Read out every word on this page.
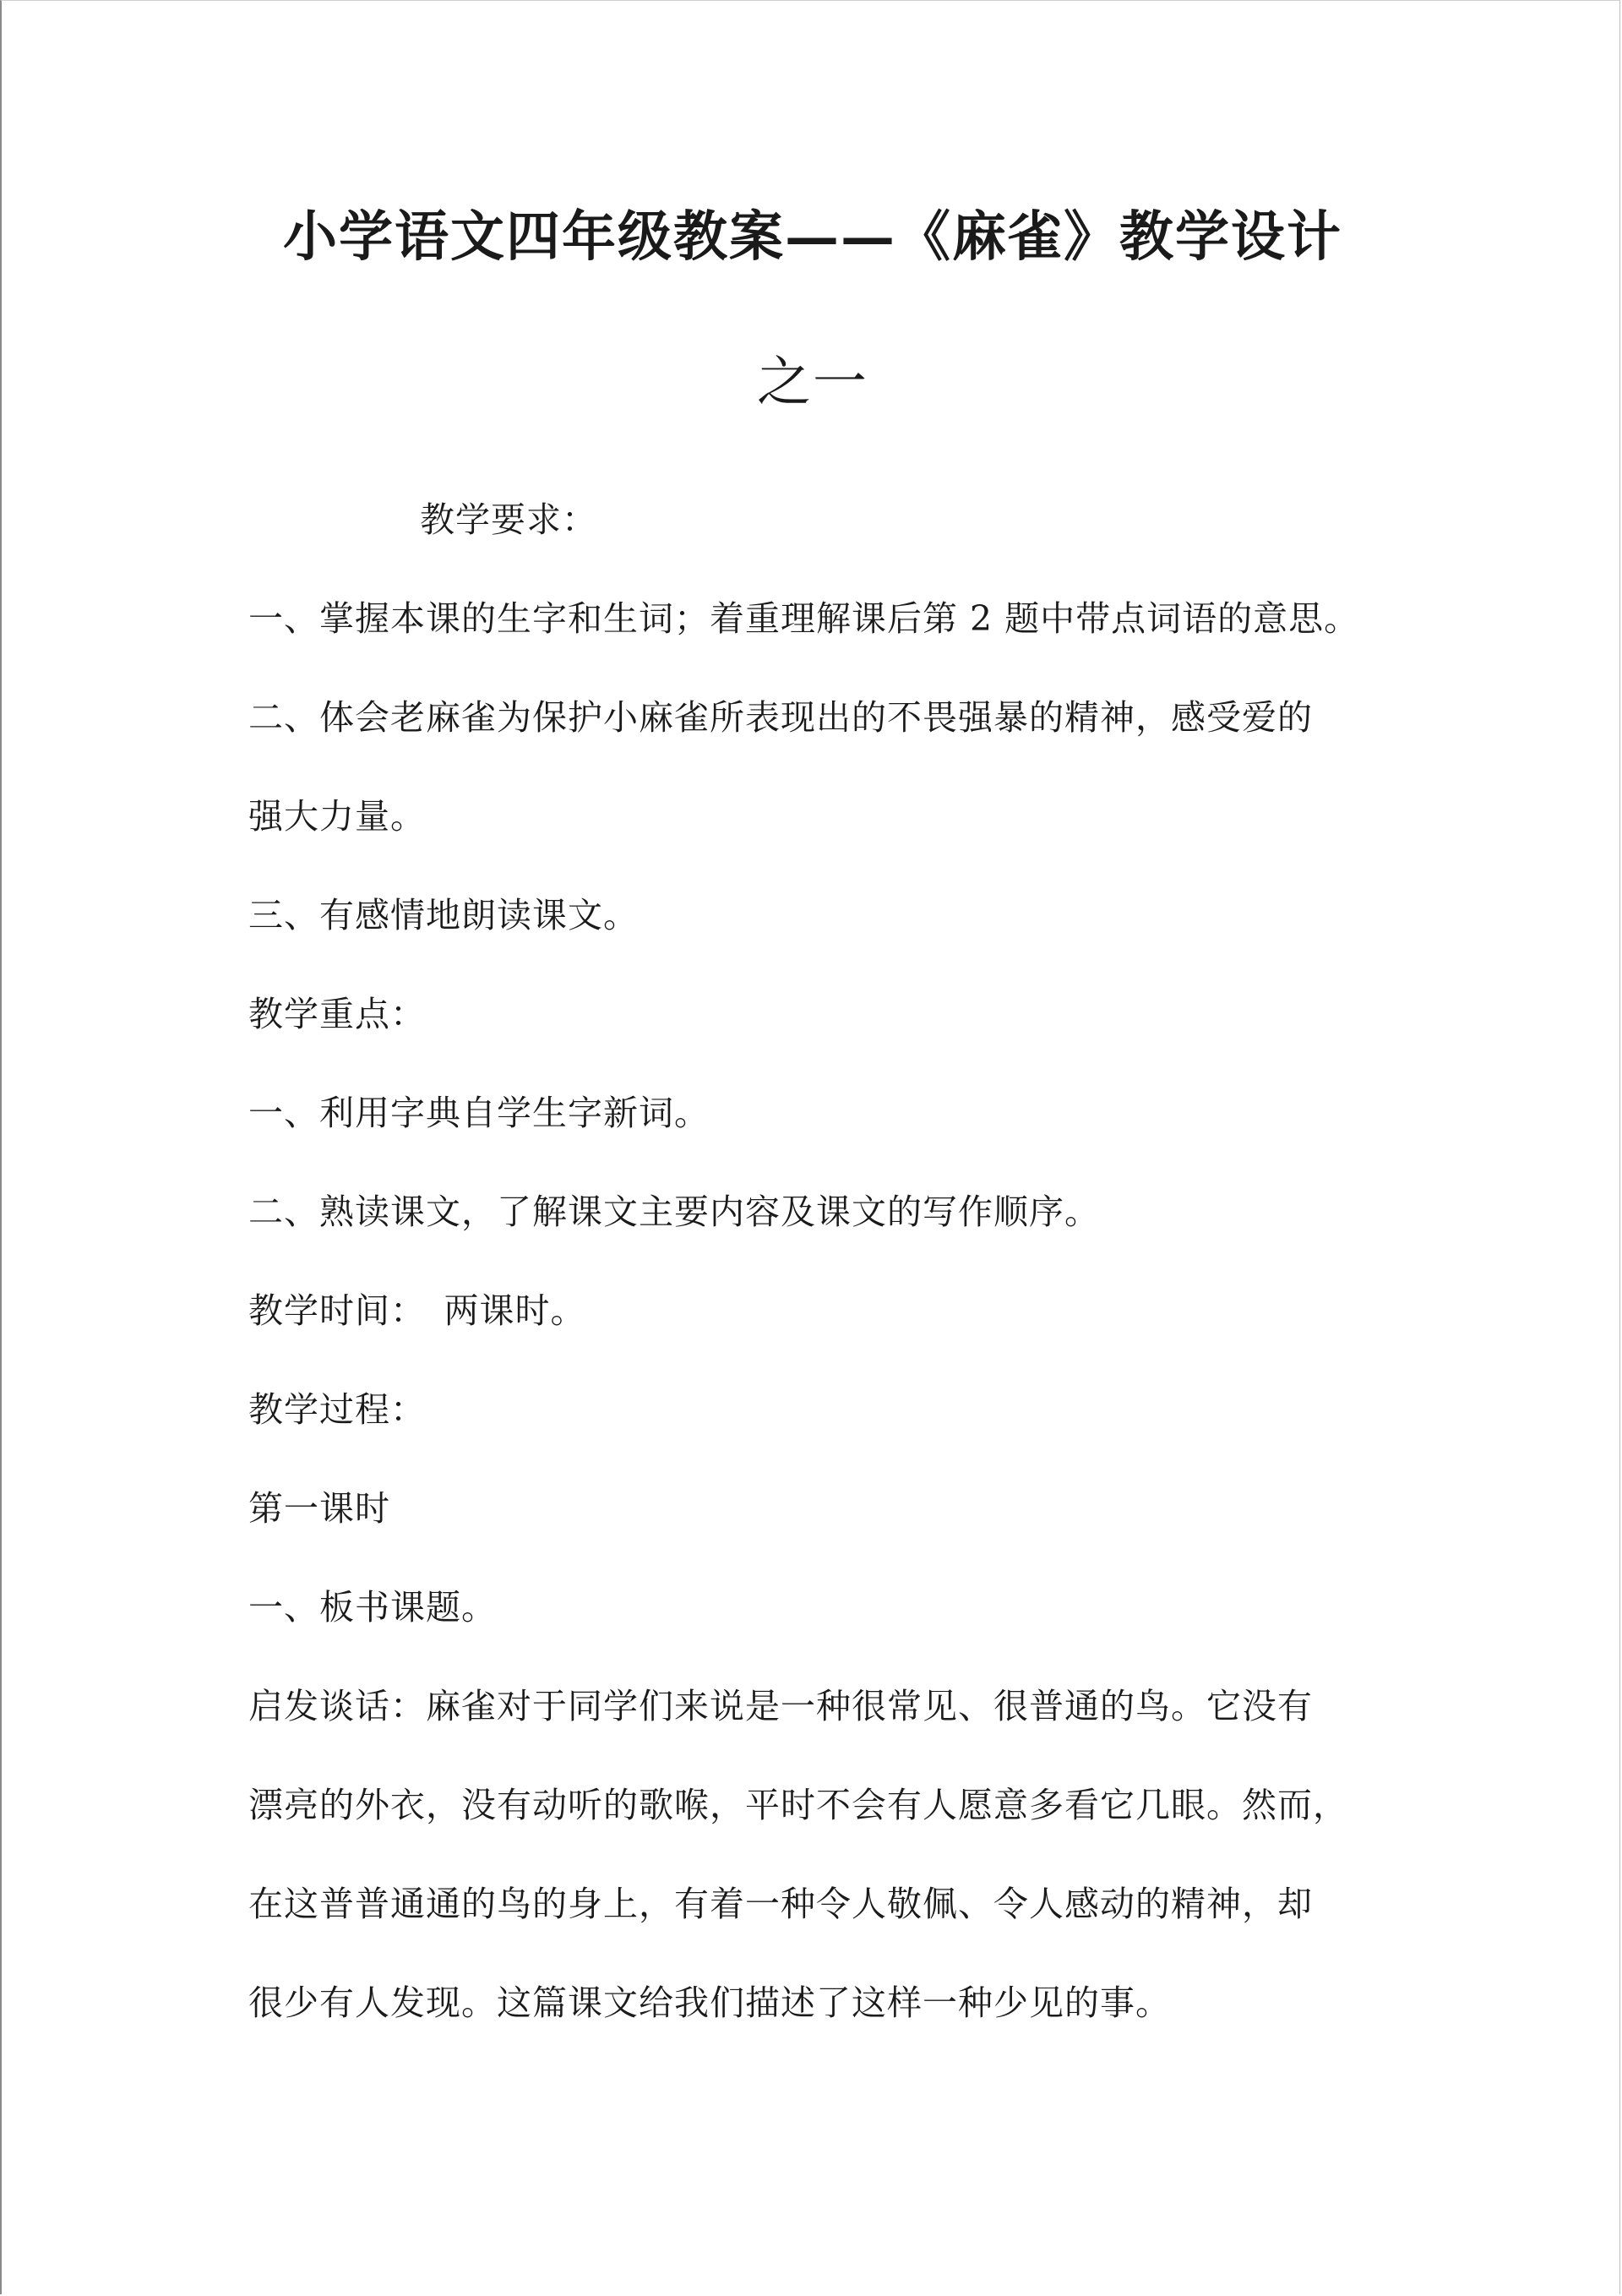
小学语文四年级教案——《麻雀》教学设计
之一
教学要求：
一、掌握本课的生字和生词；着重理解课后第 2 题中带点词语的意思。
二、体会老麻雀为保护小麻雀所表现出的不畏强暴的精神，感受爱的
强大力量。
三、有感情地朗读课文。
教学重点：
一、利用字典自学生字新词。
二、熟读课文，了解课文主要内容及课文的写作顺序。
教学时间：　两课时。
教学过程：
第一课时
一、板书课题。
启发谈话：麻雀对于同学们来说是一种很常见、很普通的鸟。它没有
漂亮的外衣，没有动听的歌喉，平时不会有人愿意多看它几眼。然而，
在这普普通通的鸟的身上，有着一种令人敬佩、令人感动的精神，却
很少有人发现。这篇课文给我们描述了这样一种少见的事。
